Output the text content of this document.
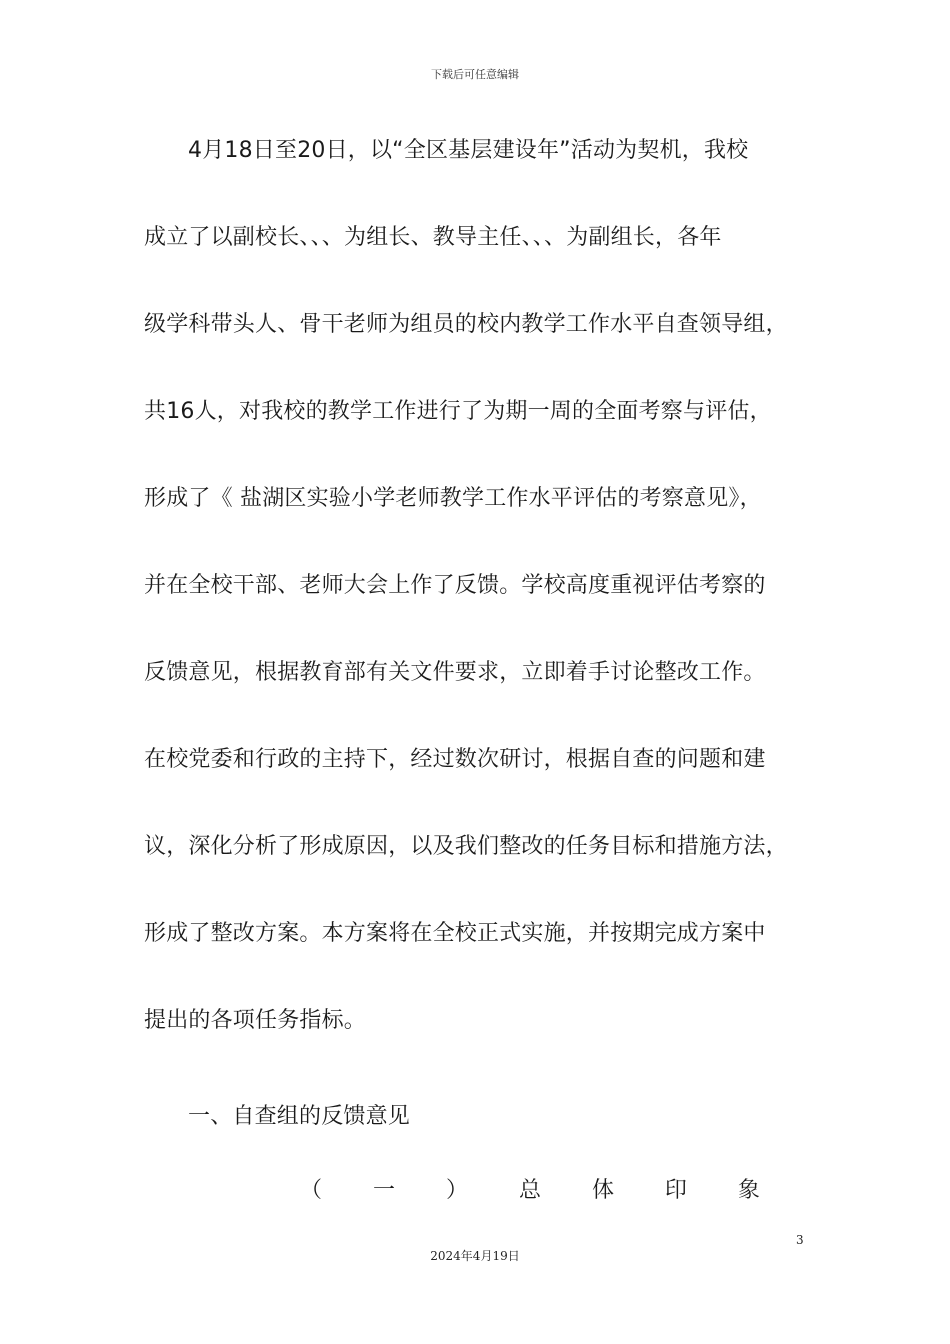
下载后可任意编辑
4月18日至20日，以“全区基层建设年”活动为契机，我校
成立了以副校长、、、为组长、教导主任、、、为副组长，各年
级学科带头人、骨干老师为组员的校内教学工作水平自查领导组，
共16人，对我校的教学工作进行了为期一周的全面考察与评估，
形成了《 盐湖区实验小学老师教学工作水平评估的考察意见》，
并在全校干部、老师大会上作了反馈。学校高度重视评估考察的
反馈意见，根据教育部有关文件要求，立即着手讨论整改工作。
在校党委和行政的主持下，经过数次研讨，根据自查的问题和建
议，深化分析了形成原因，以及我们整改的任务目标和措施方法，
形成了整改方案。本方案将在全校正式实施，并按期完成方案中
提出的各项任务指标。
一、自查组的反馈意见
（ 一 ） 总 体 印 象
3
2024年4月19日
